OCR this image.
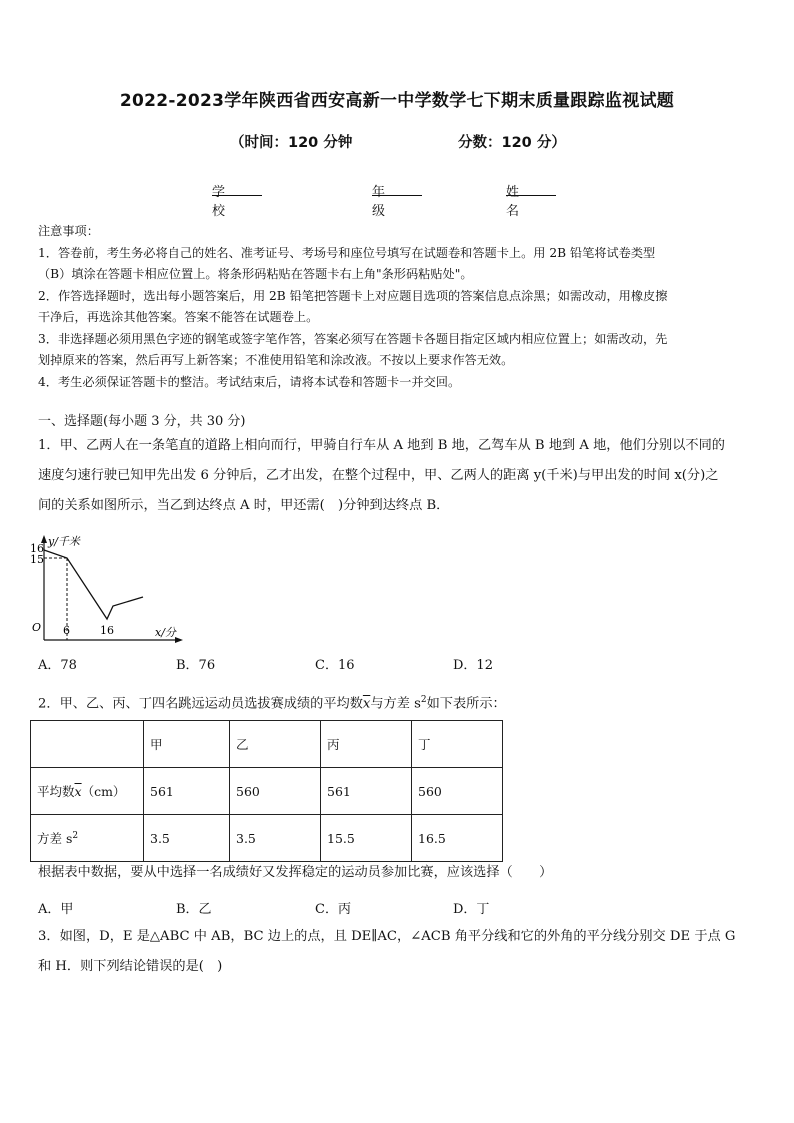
2022-2023学年陕西省西安高新一中学数学七下期末质量跟踪监视试题
（时间：120 分钟	分数：120 分）
学校
年级
姓名
注意事项：
1．答卷前，考生务必将自己的姓名、准考证号、考场号和座位号填写在试题卷和答题卡上。用 2B 铅笔将试卷类型
（B）填涂在答题卡相应位置上。将条形码粘贴在答题卡右上角"条形码粘贴处"。
2．作答选择题时，选出每小题答案后，用 2B 铅笔把答题卡上对应题目选项的答案信息点涂黑；如需改动，用橡皮擦
干净后，再选涂其他答案。答案不能答在试题卷上。
3．非选择题必须用黑色字迹的钢笔或签字笔作答，答案必须写在答题卡各题目指定区域内相应位置上；如需改动，先
划掉原来的答案，然后再写上新答案；不准使用铅笔和涂改液。不按以上要求作答无效。
4．考生必须保证答题卡的整洁。考试结束后，请将本试卷和答题卡一并交回。
一、选择题(每小题 3 分，共 30 分)
1．甲、乙两人在一条笔直的道路上相向而行，甲骑自行车从 A 地到 B 地，乙驾车从 B 地到 A 地，他们分别以不同的
速度匀速行驶已知甲先出发 6 分钟后，乙才出发，在整个过程中，甲、乙两人的距离 y(千米)与甲出发的时间 x(分)之
间的关系如图所示，当乙到达终点 A 时，甲还需(　)分钟到达终点 B．
y/千米
16
15
O 6	16	x/分
A．78	B．76	C．16	D．12
2．甲、乙、丙、丁四名跳远运动员选拔赛成绩的平均数$\overline{x}$与方差 $s^2$如下表所示：
	甲	乙	丙	丁
平均数$\overline{x}(cm)$	561	560	561	560
方差 $s^2$	3.5	3.5	15.5	16.5
根据表中数据，要从中选择一名成绩好又发挥稳定的运动员参加比赛，应该选择（　　）
A．甲	B．乙	C．丙	D．丁
3．如图，D，E 是△ABC 中 AB，BC 边上的点，且 DE∥AC，∠ACB 角平分线和它的外角的平分线分别交 DE 于点 G
和 H．则下列结论错误的是(　)
